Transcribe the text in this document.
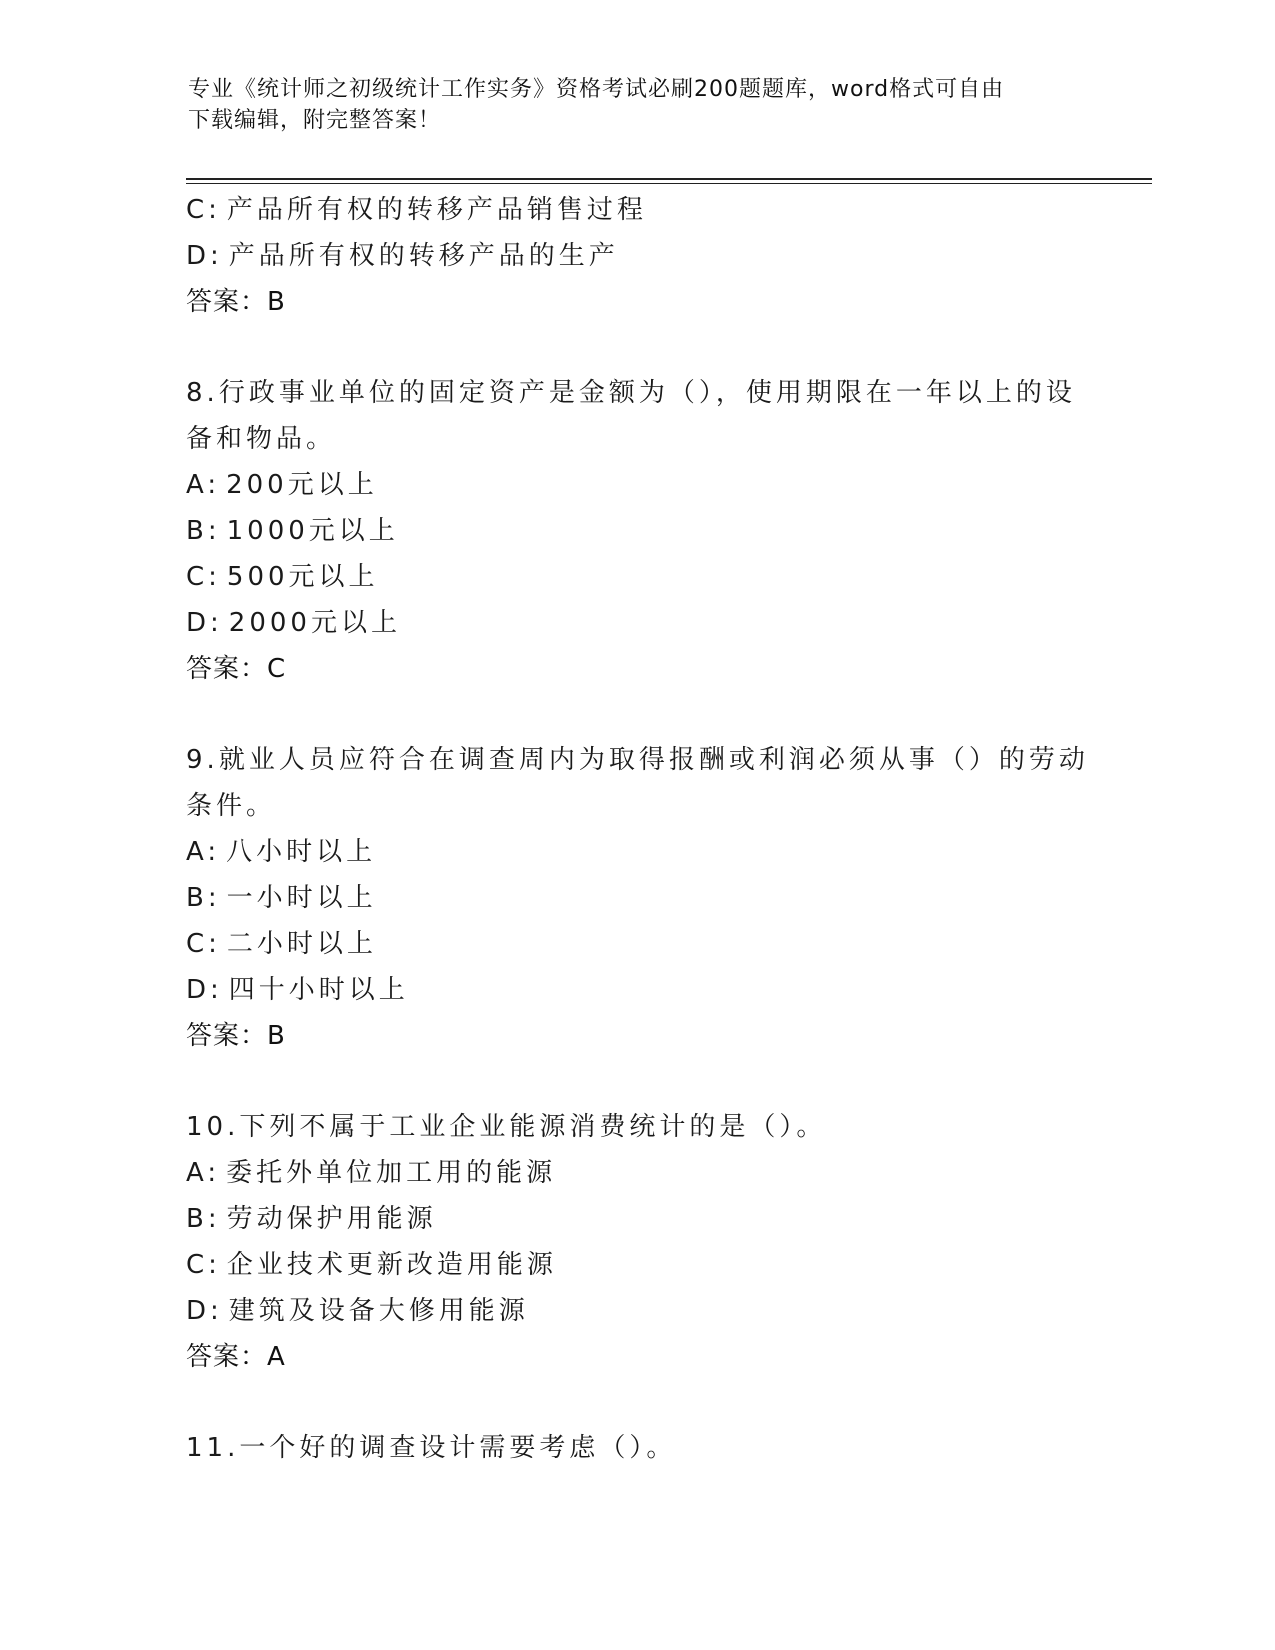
专业《统计师之初级统计工作实务》资格考试必刷200题题库，word格式可自由
下载编辑，附完整答案！
C: 产品所有权的转移产品销售过程
D: 产品所有权的转移产品的生产
答案：B
8.行政事业单位的固定资产是金额为（），使用期限在一年以上的设
备和物品。
A: 200元以上
B: 1000元以上
C: 500元以上
D: 2000元以上
答案：C
9.就业人员应符合在调查周内为取得报酬或利润必须从事（）的劳动
条件。
A: 八小时以上
B: 一小时以上
C: 二小时以上
D: 四十小时以上
答案：B
10.下列不属于工业企业能源消费统计的是（）。
A: 委托外单位加工用的能源
B: 劳动保护用能源
C: 企业技术更新改造用能源
D: 建筑及设备大修用能源
答案：A
11.一个好的调查设计需要考虑（）。
